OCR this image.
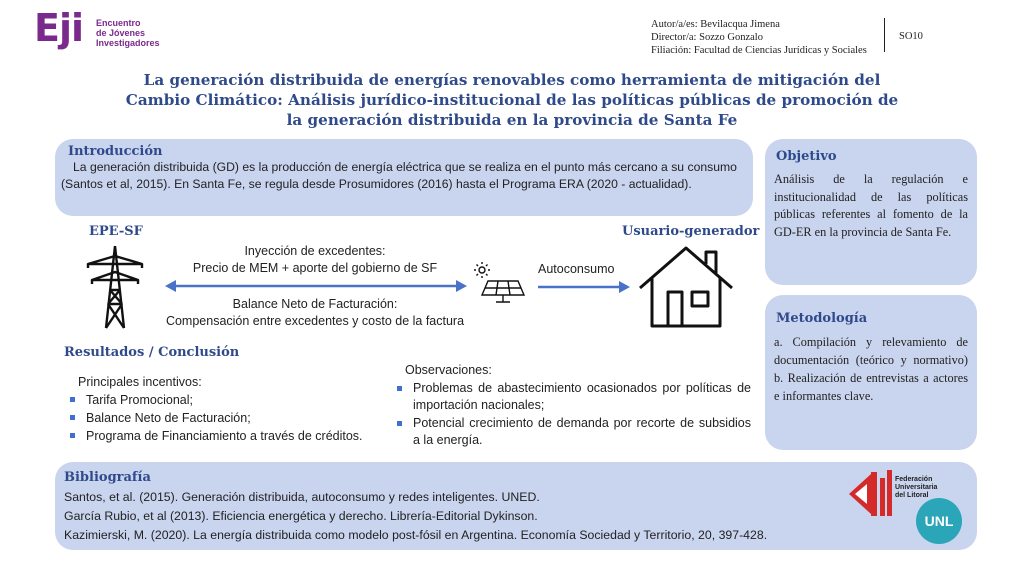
Eji Encuentro
de Jóvenes
Investigadores
Autor/a/es: Bevilacqua Jimena
Director/a: Sozzo Gonzalo
Filiación: Facultad de Ciencias Jurídicas y Sociales
SO10
La generación distribuida de energías renovables como herramienta de mitigación del
Cambio Climático: Análisis jurídico-institucional de las políticas públicas de promoción de
la generación distribuida en la provincia de Santa Fe
Introducción
La generación distribuida (GD) es la producción de energía eléctrica que se realiza en el punto más cercano a su consumo (Santos et al, 2015). En Santa Fe, se regula desde Prosumidores (2016) hasta el Programa ERA (2020 - actualidad).
EPE-SF	Usuario-generador
Inyección de excedentes:
Precio de MEM + aporte del gobierno de SF
Balance Neto de Facturación:
Compensación entre excedentes y costo de la factura
Autoconsumo
Resultados / Conclusión
Principales incentivos:
Tarifa Promocional;
Balance Neto de Facturación;
Programa de Financiamiento a través de créditos.
Observaciones:
Problemas de abastecimiento ocasionados por políticas de importación nacionales;
Potencial crecimiento de demanda por recorte de subsidios a la energía.
Objetivo
Análisis de la regulación e institucionalidad de las políticas públicas referentes al fomento de la GD-ER en la provincia de Santa Fe.
Metodología
a. Compilación y relevamiento de documentación (teórico y normativo) b. Realización de entrevistas a actores e informantes clave.
Bibliografía
Santos, et al. (2015). Generación distribuida, autoconsumo y redes inteligentes. UNED.
García Rubio, et al (2013). Eficiencia energética y derecho. Librería-Editorial Dykinson.
Kazimierski, M. (2020). La energía distribuida como modelo post-fósil en Argentina. Economía Sociedad y Territorio, 20, 397-428.
Federación
Universitaria
del Litoral
UNL
